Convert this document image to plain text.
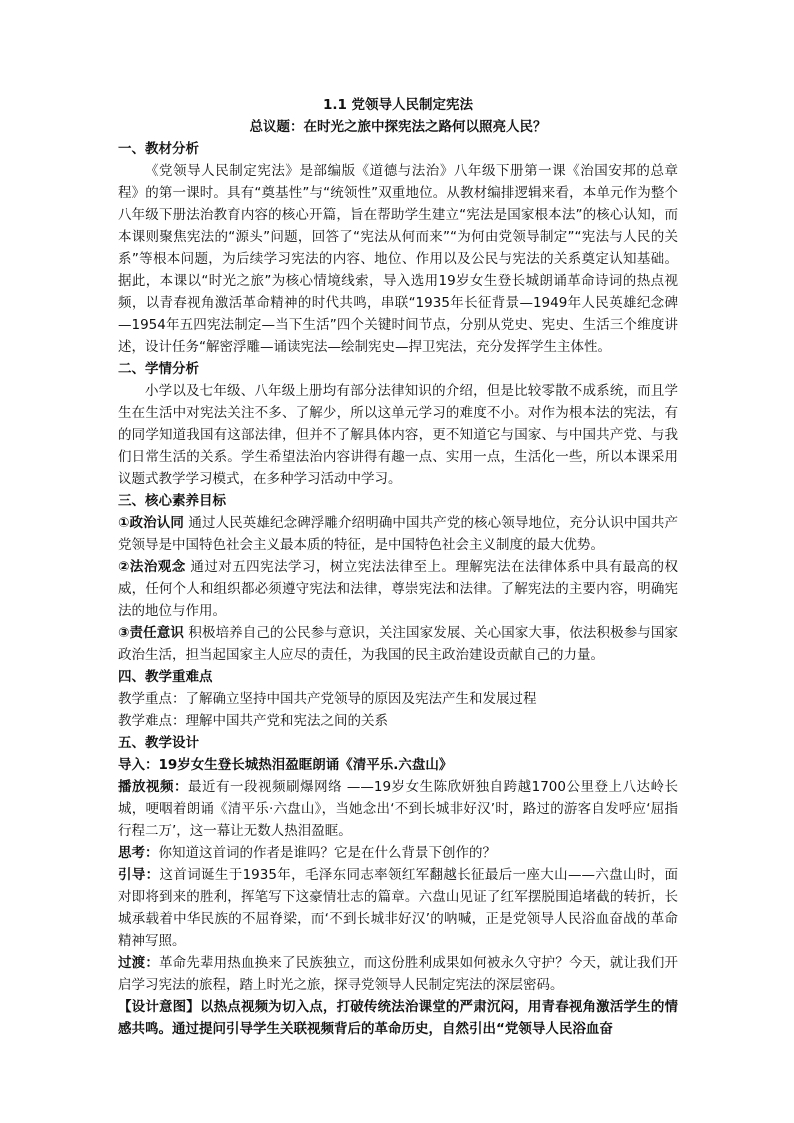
1.1 党领导人民制定宪法
总议题：在时光之旅中探宪法之路何以照亮人民？
一、教材分析

《党领导人民制定宪法》是部编版《道德与法治》八年级下册第一课《治国安邦的总章程》的第一课时。具有“奠基性”与“统领性”双重地位。从教材编排逻辑来看，本单元作为整个八年级下册法治教育内容的核心开篇，旨在帮助学生建立“宪法是国家根本法”的核心认知，而本课则聚焦宪法的“源头”问题，回答了“宪法从何而来”“为何由党领导制定”“宪法与人民的关系”等根本问题，为后续学习宪法的内容、地位、作用以及公民与宪法的关系奠定认知基础。据此，本课以“时光之旅”为核心情境线索，导入选用19岁女生登长城朗诵革命诗词的热点视频，以青春视角激活革命精神的时代共鸣，串联“1935年长征背景—1949年人民英雄纪念碑—1954年五四宪法制定—当下生活”四个关键时间节点，分别从党史、宪史、生活三个维度讲述，设计任务“解密浮雕—诵读宪法—绘制宪史—捍卫宪法，充分发挥学生主体性。

二、学情分析

小学以及七年级、八年级上册均有部分法律知识的介绍，但是比较零散不成系统，而且学生在生活中对宪法关注不多、了解少，所以这单元学习的难度不小。对作为根本法的宪法，有的同学知道我国有这部法律，但并不了解具体内容，更不知道它与国家、与中国共产党、与我们日常生活的关系。学生希望法治内容讲得有趣一点、实用一点，生活化一些，所以本课采用议题式教学学习模式，在多种学习活动中学习。

三、核心素养目标

①政治认同 通过人民英雄纪念碑浮雕介绍明确中国共产党的核心领导地位，充分认识中国共产党领导是中国特色社会主义最本质的特征，是中国特色社会主义制度的最大优势。

②法治观念 通过对五四宪法学习，树立宪法法律至上。理解宪法在法律体系中具有最高的权威，任何个人和组织都必须遵守宪法和法律，尊崇宪法和法律。了解宪法的主要内容，明确宪法的地位与作用。

③责任意识 积极培养自己的公民参与意识，关注国家发展、关心国家大事，依法积极参与国家政治生活，担当起国家主人应尽的责任，为我国的民主政治建设贡献自己的力量。

四、教学重难点

教学重点：了解确立坚持中国共产党领导的原因及宪法产生和发展过程

教学难点：理解中国共产党和宪法之间的关系

五、教学设计

导入：19岁女生登长城热泪盈眶朗诵《清平乐.六盘山》

播放视频：最近有一段视频刷爆网络 ——19岁女生陈欣妍独自跨越1700公里登上八达岭长城，哽咽着朗诵《清平乐·六盘山》，当她念出‘不到长城非好汉’时，路过的游客自发呼应‘屈指行程二万’，这一幕让无数人热泪盈眶。

思考：你知道这首词的作者是谁吗？它是在什么背景下创作的？

引导：这首词诞生于1935年，毛泽东同志率领红军翻越长征最后一座大山——六盘山时，面对即将到来的胜利，挥笔写下这豪情壮志的篇章。六盘山见证了红军摆脱围追堵截的转折，长城承载着中华民族的不屈脊梁，而‘不到长城非好汉’的呐喊，正是党领导人民浴血奋战的革命精神写照。

过渡：革命先辈用热血换来了民族独立，而这份胜利成果如何被永久守护？今天，就让我们开启学习宪法的旅程，踏上时光之旅，探寻党领导人民制定宪法的深层密码。

【设计意图】以热点视频为切入点，打破传统法治课堂的严肃沉闷，用青春视角激活学生的情感共鸣。通过提问引导学生关联视频背后的革命历史，自然引出“党领导人民浴血奋
